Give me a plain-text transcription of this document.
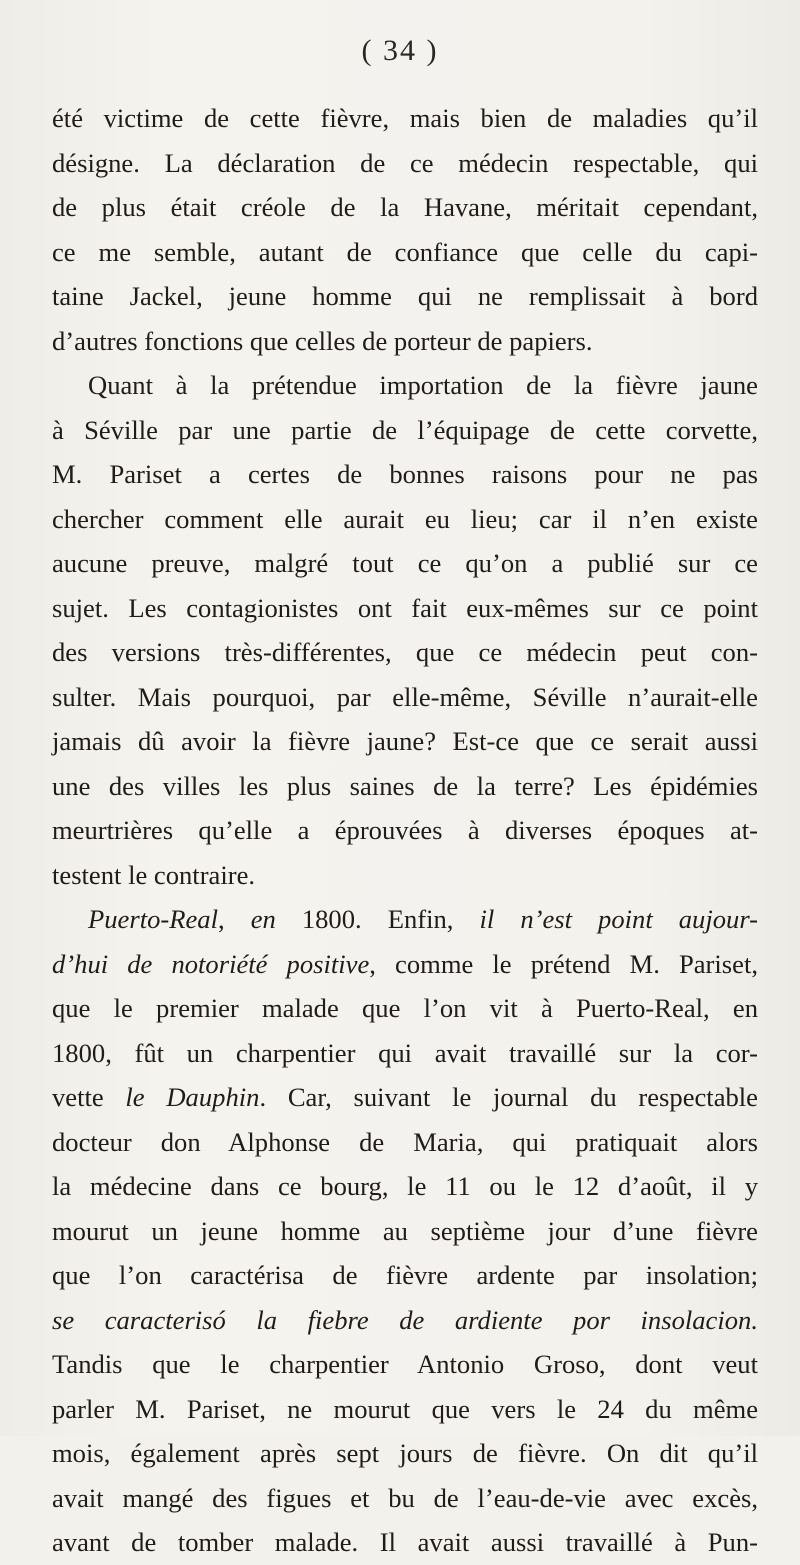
( 34 )
été victime de cette fièvre, mais bien de maladies qu’il
désigne. La déclaration de ce médecin respectable, qui
de plus était créole de la Havane, méritait cependant,
ce me semble, autant de confiance que celle du capi-
taine Jackel, jeune homme qui ne remplissait à bord
d’autres fonctions que celles de porteur de papiers.
Quant à la prétendue importation de la fièvre jaune
à Séville par une partie de l’équipage de cette corvette,
M. Pariset a certes de bonnes raisons pour ne pas
chercher comment elle aurait eu lieu; car il n’en existe
aucune preuve, malgré tout ce qu’on a publié sur ce
sujet. Les contagionistes ont fait eux-mêmes sur ce point
des versions très-différentes, que ce médecin peut con-
sulter. Mais pourquoi, par elle-même, Séville n’aurait-elle
jamais dû avoir la fièvre jaune? Est-ce que ce serait aussi
une des villes les plus saines de la terre? Les épidémies
meurtrières qu’elle a éprouvées à diverses époques at-
testent le contraire.
Puerto-Real, en 1800. Enfin, il n’est point aujour-
d’hui de notoriété positive, comme le prétend M. Pariset,
que le premier malade que l’on vit à Puerto-Real, en
1800, fût un charpentier qui avait travaillé sur la cor-
vette le Dauphin. Car, suivant le journal du respectable
docteur don Alphonse de Maria, qui pratiquait alors
la médecine dans ce bourg, le 11 ou le 12 d’août, il y
mourut un jeune homme au septième jour d’une fièvre
que l’on caractérisa de fièvre ardente par insolation;
se caracterisó la fiebre de ardiente por insolacion.
Tandis que le charpentier Antonio Groso, dont veut
parler M. Pariset, ne mourut que vers le 24 du même
mois, également après sept jours de fièvre. On dit qu’il
avait mangé des figues et bu de l’eau-de-vie avec excès,
avant de tomber malade. Il avait aussi travaillé à Pun-
